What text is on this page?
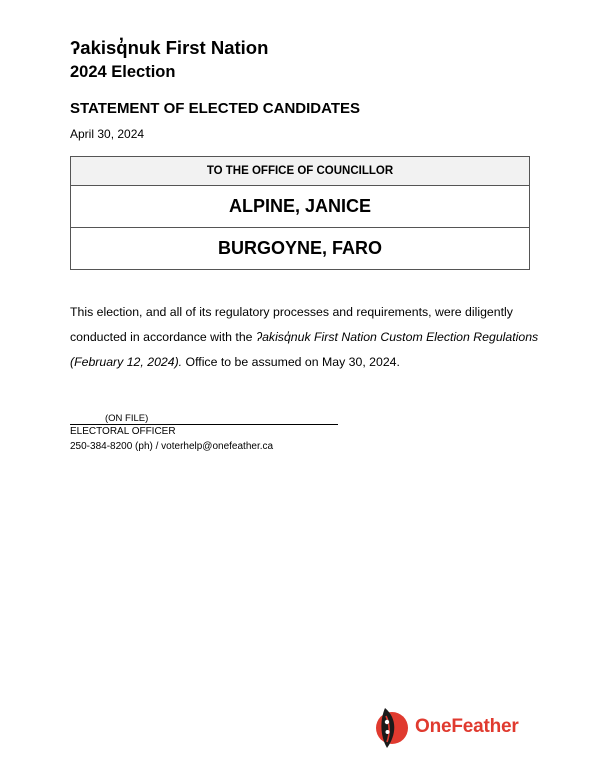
ʔakisq̓nuk First Nation
2024 Election
STATEMENT OF ELECTED CANDIDATES
April 30, 2024
TO THE OFFICE OF COUNCILLOR
ALPINE, JANICE
BURGOYNE, FARO

This election, and all of its regulatory processes and requirements, were diligently conducted in accordance with the ʔakisq̓nuk First Nation Custom Election Regulations (February 12, 2024). Office to be assumed on May 30, 2024.

(ON FILE)
ELECTORAL OFFICER
250-384-8200 (ph) / voterhelp@onefeather.ca
OneFeather
